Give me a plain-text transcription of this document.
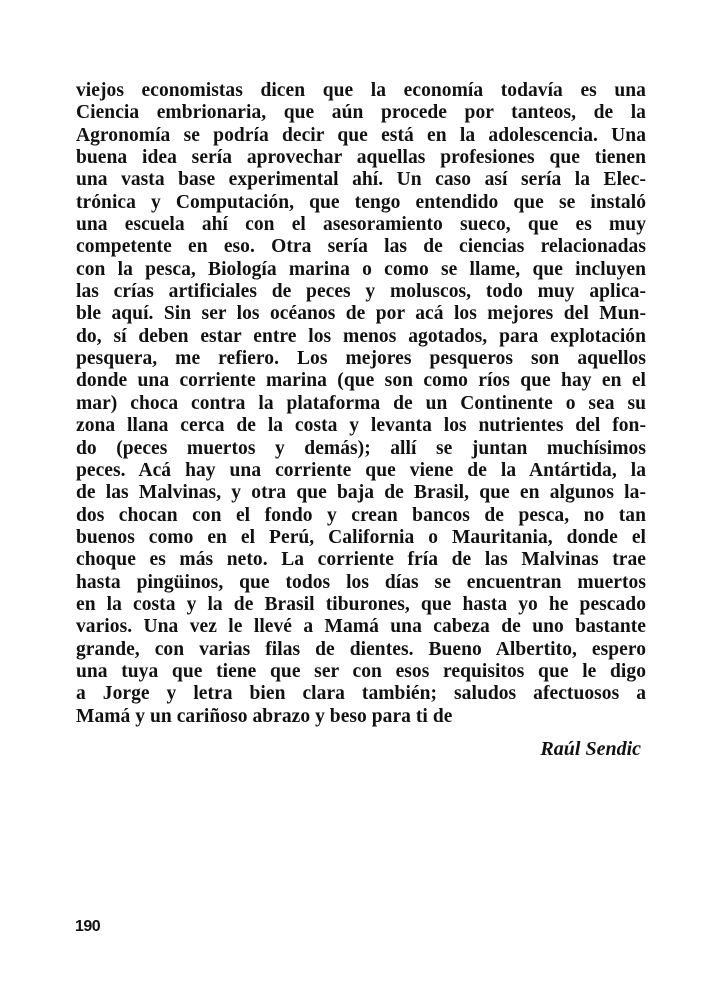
viejos economistas dicen que la economía todavía es una
Ciencia embrionaria, que aún procede por tanteos, de la
Agronomía se podría decir que está en la adolescencia. Una
buena idea sería aprovechar aquellas profesiones que tienen
una vasta base experimental ahí. Un caso así sería la Elec-
trónica y Computación, que tengo entendido que se instaló
una escuela ahí con el asesoramiento sueco, que es muy
competente en eso. Otra sería las de ciencias relacionadas
con la pesca, Biología marina o como se llame, que incluyen
las crías artificiales de peces y moluscos, todo muy aplica-
ble aquí. Sin ser los océanos de por acá los mejores del Mun-
do, sí deben estar entre los menos agotados, para explotación
pesquera, me refiero. Los mejores pesqueros son aquellos
donde una corriente marina (que son como ríos que hay en el
mar) choca contra la plataforma de un Continente o sea su
zona llana cerca de la costa y levanta los nutrientes del fon-
do (peces muertos y demás); allí se juntan muchísimos
peces. Acá hay una corriente que viene de la Antártida, la
de las Malvinas, y otra que baja de Brasil, que en algunos la-
dos chocan con el fondo y crean bancos de pesca, no tan
buenos como en el Perú, California o Mauritania, donde el
choque es más neto. La corriente fría de las Malvinas trae
hasta pingüinos, que todos los días se encuentran muertos
en la costa y la de Brasil tiburones, que hasta yo he pescado
varios. Una vez le llevé a Mamá una cabeza de uno bastante
grande, con varias filas de dientes. Bueno Albertito, espero
una tuya que tiene que ser con esos requisitos que le digo
a Jorge y letra bien clara también; saludos afectuosos a
Mamá y un cariñoso abrazo y beso para ti de
Raúl Sendic
190
